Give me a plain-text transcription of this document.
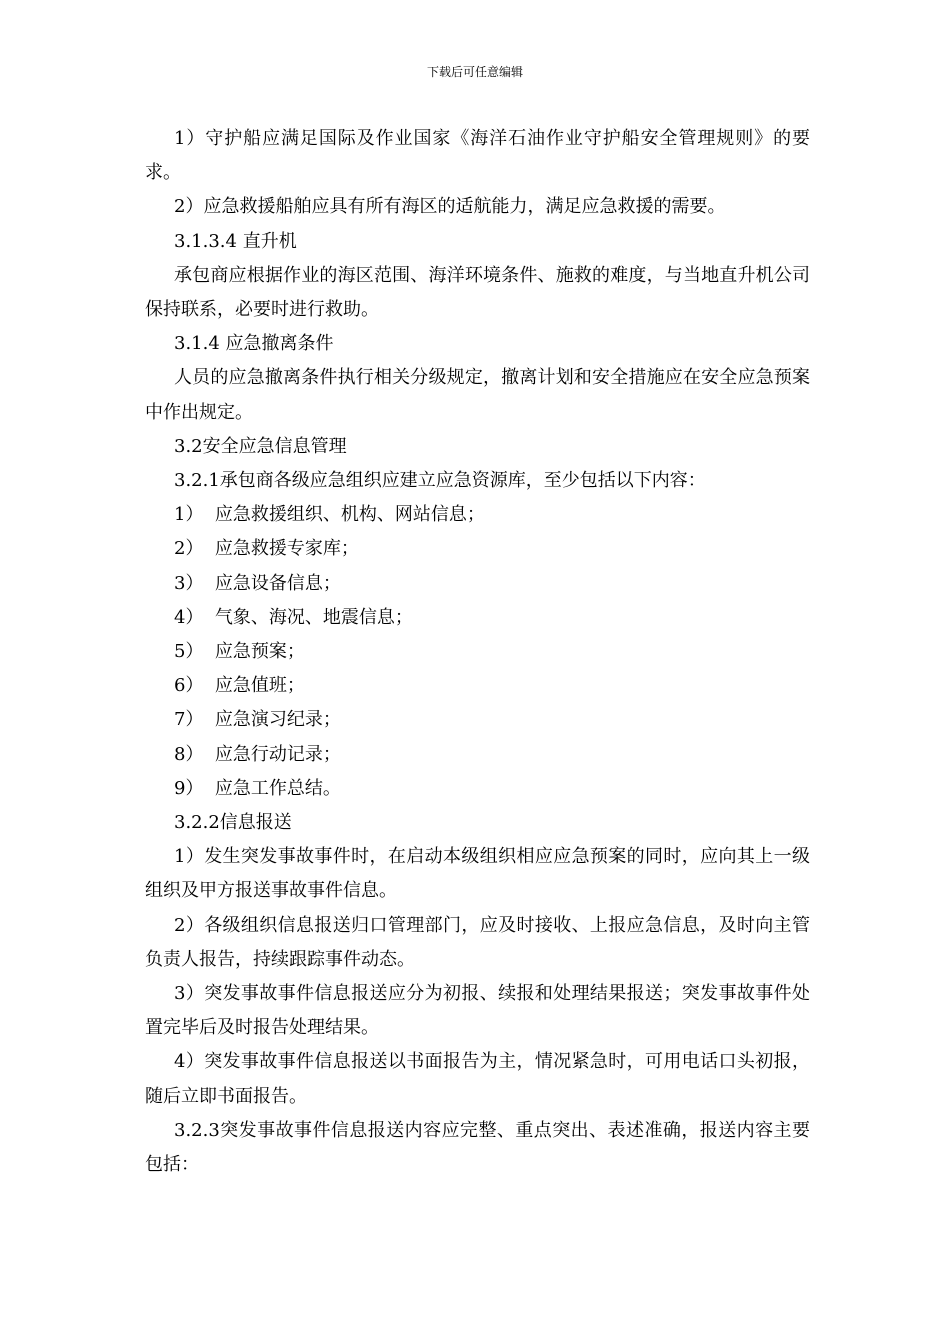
下载后可任意编辑

1）守护船应满足国际及作业国家《海洋石油作业守护船安全管理规则》的要求。

2）应急救援船舶应具有所有海区的适航能力，满足应急救援的需要。

3.1.3.4 直升机

承包商应根据作业的海区范围、海洋环境条件、施救的难度，与当地直升机公司保持联系，必要时进行救助。

3.1.4 应急撤离条件

人员的应急撤离条件执行相关分级规定，撤离计划和安全措施应在安全应急预案中作出规定。

3.2安全应急信息管理

3.2.1承包商各级应急组织应建立应急资源库，至少包括以下内容：

1）  应急救援组织、机构、网站信息；

2）  应急救援专家库；

3）  应急设备信息；

4）  气象、海况、地震信息；

5）  应急预案；

6）  应急值班；

7）  应急演习纪录；

8）  应急行动记录；

9）  应急工作总结。

3.2.2信息报送

1）发生突发事故事件时，在启动本级组织相应应急预案的同时，应向其上一级组织及甲方报送事故事件信息。

2）各级组织信息报送归口管理部门，应及时接收、上报应急信息，及时向主管负责人报告，持续跟踪事件动态。

3）突发事故事件信息报送应分为初报、续报和处理结果报送；突发事故事件处置完毕后及时报告处理结果。

4）突发事故事件信息报送以书面报告为主，情况紧急时，可用电话口头初报，随后立即书面报告。

3.2.3突发事故事件信息报送内容应完整、重点突出、表述准确，报送内容主要包括：
